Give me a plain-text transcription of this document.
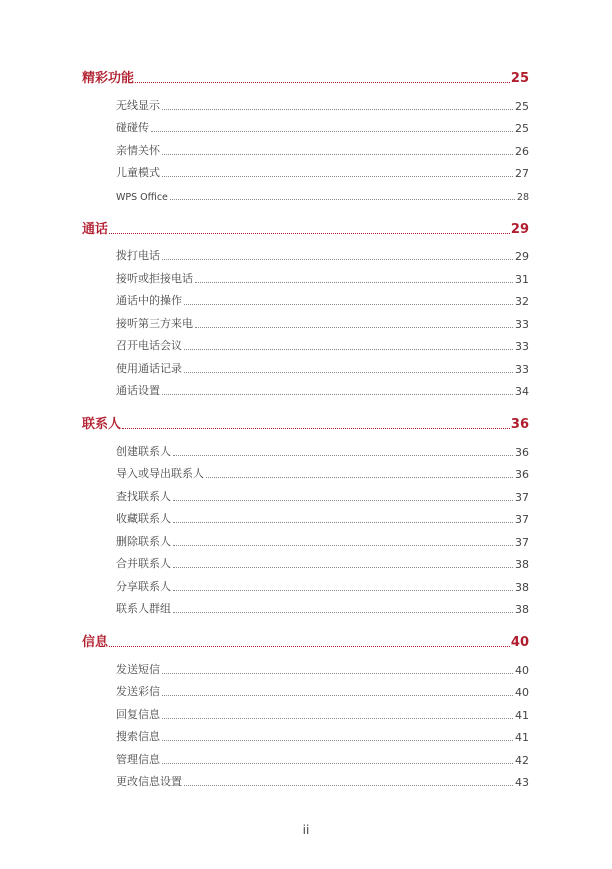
精彩功能	25
无线显示	25
碰碰传	25
亲情关怀	26
儿童模式	27
WPS Office	28
通话	29
拨打电话	29
接听或拒接电话	31
通话中的操作	32
接听第三方来电	33
召开电话会议	33
使用通话记录	33
通话设置	34
联系人	36
创建联系人	36
导入或导出联系人	36
查找联系人	37
收藏联系人	37
删除联系人	37
合并联系人	38
分享联系人	38
联系人群组	38
信息	40
发送短信	40
发送彩信	40
回复信息	41
搜索信息	41
管理信息	42
更改信息设置	43
ii
